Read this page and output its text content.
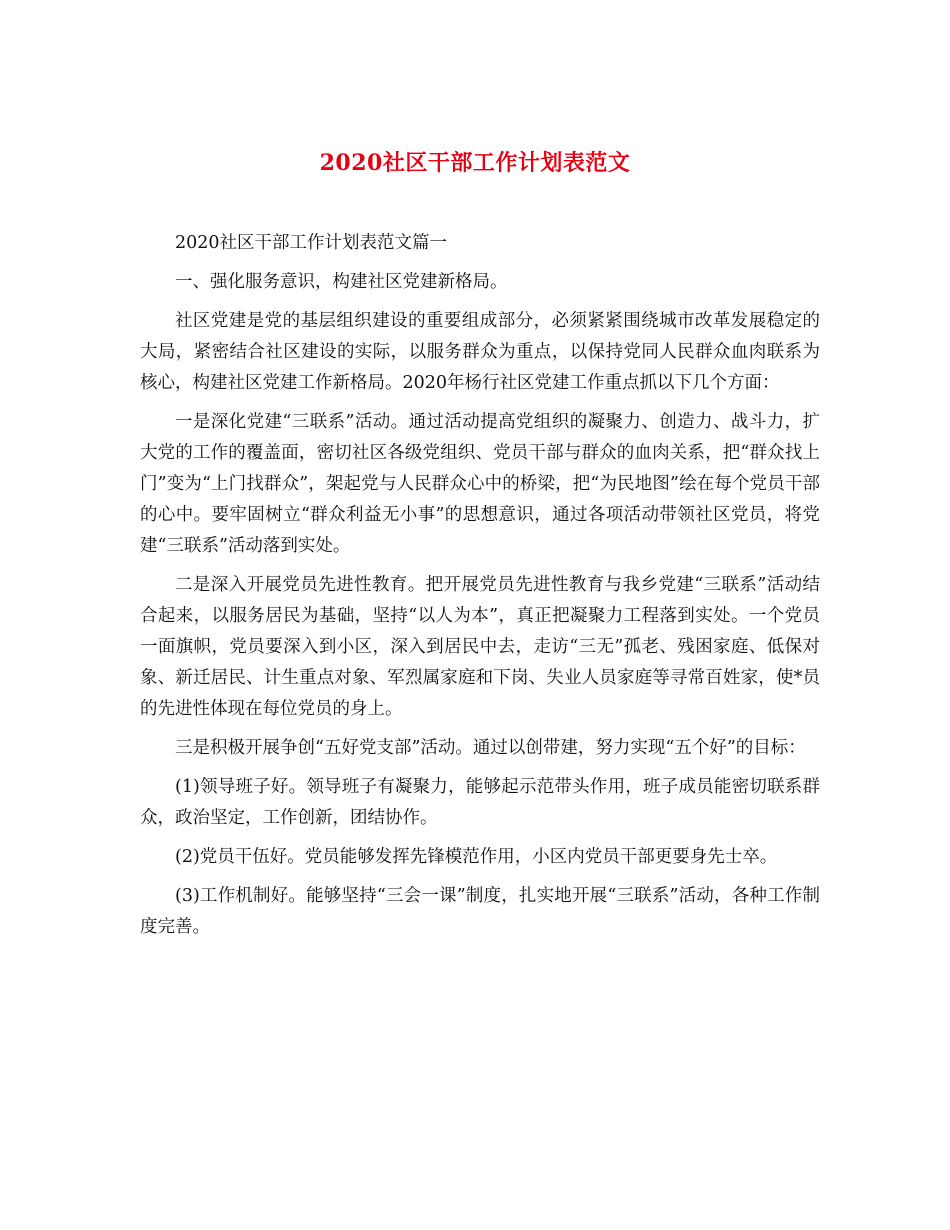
2020社区干部工作计划表范文

2020社区干部工作计划表范文篇一

一、强化服务意识，构建社区党建新格局。

社区党建是党的基层组织建设的重要组成部分，必须紧紧围绕城市改革发展稳定的大局，紧密结合社区建设的实际，以服务群众为重点，以保持党同人民群众血肉联系为核心，构建社区党建工作新格局。2020年杨行社区党建工作重点抓以下几个方面：

一是深化党建“三联系”活动。通过活动提高党组织的凝聚力、创造力、战斗力，扩大党的工作的覆盖面，密切社区各级党组织、党员干部与群众的血肉关系，把“群众找上门”变为“上门找群众”，架起党与人民群众心中的桥梁，把“为民地图”绘在每个党员干部的心中。要牢固树立“群众利益无小事”的思想意识，通过各项活动带领社区党员，将党建“三联系”活动落到实处。

二是深入开展党员先进性教育。把开展党员先进性教育与我乡党建“三联系”活动结合起来，以服务居民为基础，坚持“以人为本”，真正把凝聚力工程落到实处。一个党员一面旗帜，党员要深入到小区，深入到居民中去，走访“三无”孤老、残困家庭、低保对象、新迁居民、计生重点对象、军烈属家庭和下岗、失业人员家庭等寻常百姓家，使*员的先进性体现在每位党员的身上。

三是积极开展争创“五好党支部”活动。通过以创带建，努力实现“五个好”的目标：

(1)领导班子好。领导班子有凝聚力，能够起示范带头作用，班子成员能密切联系群众，政治坚定，工作创新，团结协作。

(2)党员干伍好。党员能够发挥先锋模范作用，小区内党员干部更要身先士卒。

(3)工作机制好。能够坚持“三会一课”制度，扎实地开展“三联系”活动，各种工作制度完善。
